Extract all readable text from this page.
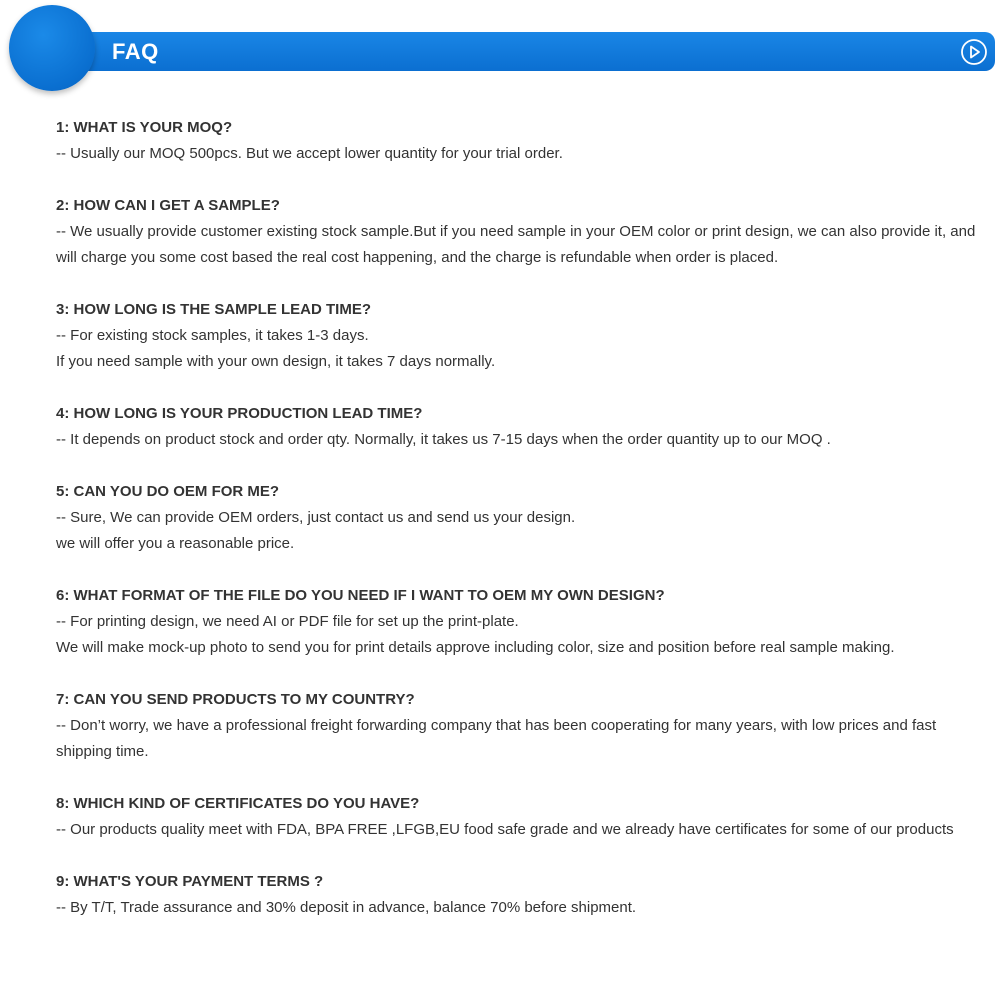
FAQ
1: WHAT IS YOUR MOQ?
-- Usually our MOQ 500pcs. But we accept lower quantity for your trial order.
2: HOW CAN I GET A SAMPLE?
-- We usually provide customer existing stock sample.But if you need sample in your OEM color or print design, we can also provide it, and will charge you some cost based the real cost happening, and the charge is refundable when order is placed.
3: HOW LONG IS THE SAMPLE LEAD TIME?
-- For existing stock samples, it takes 1-3 days.
If you need sample with your own design, it takes 7 days normally.
4: HOW LONG IS YOUR PRODUCTION LEAD TIME?
-- It depends on product stock and order qty. Normally, it takes us 7-15 days when the order quantity up to our MOQ .
5: CAN YOU DO OEM FOR ME?
-- Sure, We can provide OEM orders, just contact us and send us your design.
we will offer you a reasonable price.
6: WHAT FORMAT OF THE FILE DO YOU NEED IF I WANT TO OEM MY OWN DESIGN?
-- For printing design, we need AI or PDF file for set up the print-plate.
We will make mock-up photo to send you for print details approve including color, size and position before real sample making.
7: CAN YOU SEND PRODUCTS TO MY COUNTRY?
-- Don’t worry, we have a professional freight forwarding company that has been cooperating for many years, with low prices and fast shipping time.
8: WHICH KIND OF CERTIFICATES DO YOU HAVE?
-- Our products quality meet with FDA, BPA FREE ,LFGB,EU food safe grade and we already have certificates for some of our products
9: WHAT'S YOUR PAYMENT TERMS ?
-- By T/T, Trade assurance and 30% deposit in advance, balance 70% before shipment.
